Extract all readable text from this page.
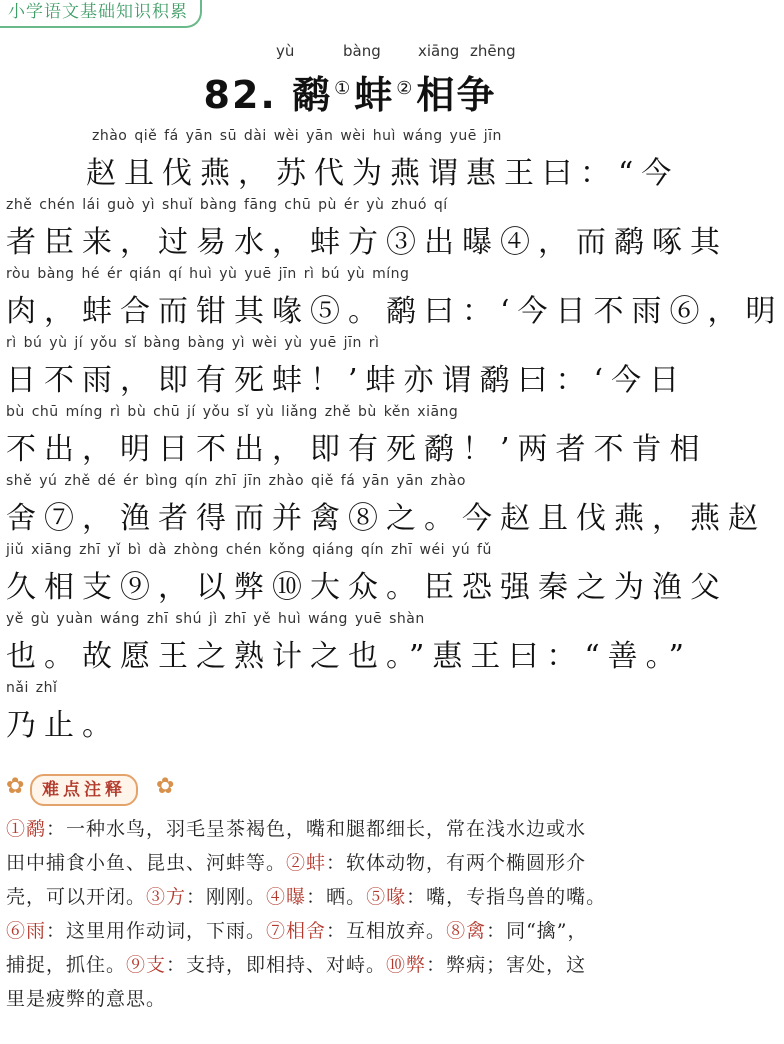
小学语文基础知识积累
yù	bàng xiāng zhēng
82. 鹬 ①蚌 ②相争
zhào qiě fá yān sū dài wèi yān wèi huì wáng yuē jīn
赵且伐燕，苏代为燕谓惠王曰：“今
zhě chén lái guò yì shuǐ bàng fāng chū pù ér yù zhuó qí
者臣来，过易水，蚌方③出曝④，而鹬啄其
ròu bàng hé ér qián qí huì yù yuē jīn rì bú yù míng
肉，蚌合而钳其喙⑤。鹬曰：‘今日不雨⑥，明
rì bú yù jí yǒu sǐ bàng bàng yì wèi yù yuē jīn rì
日不雨，即有死蚌！’蚌亦谓鹬曰：‘今日
bù chū míng rì bù chū jí yǒu sǐ yù liǎng zhě bù kěn xiāng
不出，明日不出，即有死鹬！’两者不肯相
shě yú zhě dé ér bìng qín zhī jīn zhào qiě fá yān yān zhào
舍⑦，渔者得而并禽⑧之。今赵且伐燕，燕赵
jiǔ xiāng zhī yǐ bì dà zhòng chén kǒng qiáng qín zhī wéi yú fǔ
久相支⑨，以弊⑩大众。臣恐强秦之为渔父
yě gù yuàn wáng zhī shú jì zhī yě huì wáng yuē shàn
也。故愿王之熟计之也。”惠王曰：“善。”
nǎi zhǐ
乃止。
✿	难点注释	✿
①鹬：一种水鸟，羽毛呈茶褐色，嘴和腿都细长，常在浅水边或水
田中捕食小鱼、昆虫、河蚌等。②蚌：软体动物，有两个椭圆形介
壳，可以开闭。③方：刚刚。④曝：晒。⑤喙：嘴，专指鸟兽的嘴。
⑥雨：这里用作动词，下雨。⑦相舍：互相放弃。⑧禽：同“擒”，
捕捉，抓住。⑨支：支持，即相持、对峙。⑩弊：弊病；害处，这
里是疲弊的意思。
